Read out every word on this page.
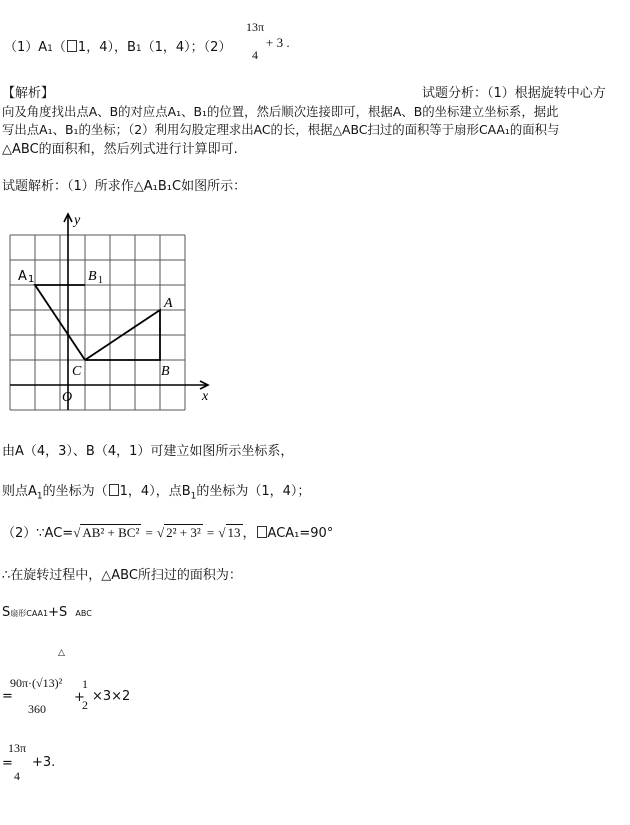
（1）A1（ 1，4），B1（1，4）；（2）
13π
4
+ 3 .
【解析】	试题分析：（1）根据旋转中心方
向及角度找出点A、B的对应点A₁、B₁的位置，然后顺次连接即可，根据A、B的坐标建立坐标系，据此
写出点A₁、B₁的坐标；（2）利用勾股定理求出AC的长，根据△ABC扫过的面积等于扇形CAA₁的面积与
△ABC的面积和，然后列式进行计算即可.
试题解析：（1）所求作△A₁B₁C如图所示：
y
x
A 1	B 1
A
B
C
O
由A（4，3）、B（4，1）可建立如图所示坐标系，
则点$A_1$的坐标为（ 1，4），点$B_1$的坐标为（1，4）；
（2）∵AC=√ AB² + BC² = √ 2² + 3² = √ 13 ， ACA₁=90°
∴在旋转过程中，△ABC所扫过的面积为：
S扇形CAA1+S ABC
△
=
90π·(√13)²
360
+
1
2
×3×2
=
13π
4
+3.
